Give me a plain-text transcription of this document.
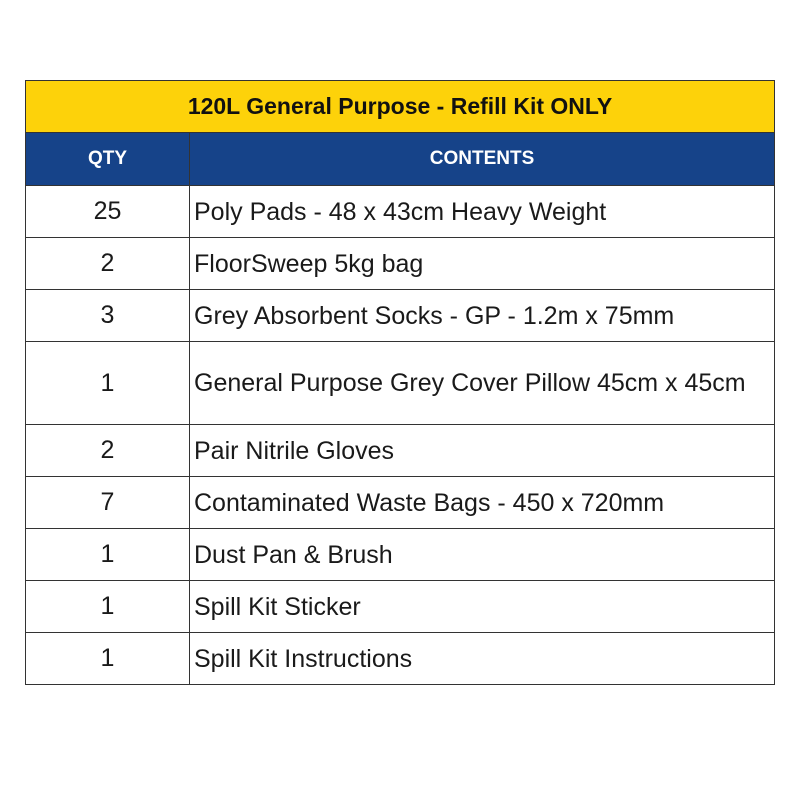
120L General Purpose - Refill Kit ONLY	
QTY	CONTENTS
25	Poly Pads - 48 x 43cm Heavy Weight
2	FloorSweep 5kg bag
3	Grey Absorbent Socks - GP - 1.2m x 75mm
1	General Purpose Grey Cover Pillow 45cm x 45cm
2	Pair Nitrile Gloves
7	Contaminated Waste Bags - 450 x 720mm
1	Dust Pan & Brush
1	Spill Kit Sticker
1	Spill Kit Instructions
